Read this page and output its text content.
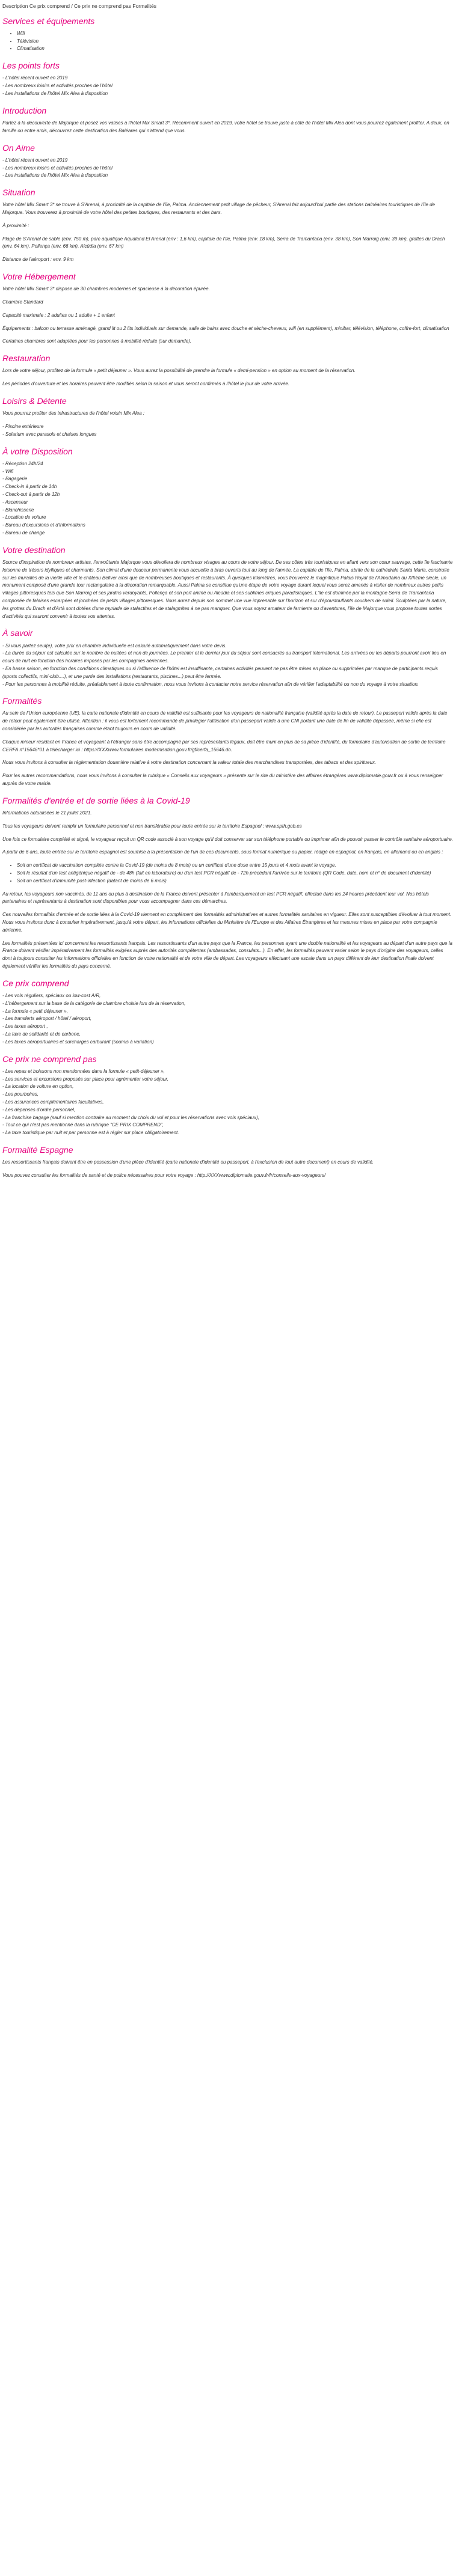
Description Ce prix comprend / Ce prix ne comprend pas Formalités
Services et équipements
• Wifi
• Télévision
• Climatisation
Les points forts
- L'hôtel récent ouvert en 2019
- Les nombreux loisirs et activités proches de l'hôtel
- Les installations de l'hôtel Mix Alea à disposition
Introduction

Partez à la découverte de Majorque et posez vos valises à l'hôtel Mix Smart 3*. Récemment ouvert en 2019, votre hôtel se trouve juste à côté de l'hôtel Mix Alea dont vous pourrez également profiter. A deux, en famille ou entre amis, découvrez cette destination des Baléares qui n'attend que vous.

On Aime
- L'hôtel récent ouvert en 2019
- Les nombreux loisirs et activités proches de l'hôtel
- Les installations de l'hôtel Mix Alea à disposition
Situation

Votre hôtel Mix Smart 3* se trouve à S'Arenal, à proximité de la capitale de l'île, Palma. Anciennement petit village de pêcheur, S'Arenal fait aujourd'hui partie des stations balnéaires touristiques de l'île de Majorque. Vous trouverez à proximité de votre hôtel des petites boutiques, des restaurants et des bars.

À proximité :

Plage de S'Arenal de sable (env. 750 m), parc aquatique Aqualand El Arenal (env : 1,6 km), capitale de l'île, Palma (env. 18 km), Serra de Tramantana (env. 38 km), Son Marroig (env. 39 km), grottes du Drach (env. 64 km), Pollença (env. 66 km), Alcúdia (env. 67 km)

Distance de l'aéroport : env. 9 km

Votre Hébergement

Votre hôtel Mix Smart 3* dispose de 30 chambres modernes et spacieuse à la décoration épurée.

Chambre Standard

Capacité maximale : 2 adultes ou 1 adulte + 1 enfant

Équipements : balcon ou terrasse aménagé, grand lit ou 2 lits individuels sur demande, salle de bains avec douche et sèche-cheveux, wifi (en supplément), minibar, télévision, téléphone, coffre-fort, climatisation

Certaines chambres sont adaptées pour les personnes à mobilité réduite (sur demande).

Restauration

Lors de votre séjour, profitez de la formule « petit déjeuner ». Vous aurez la possibilité de prendre la formule « demi-pension » en option au moment de la réservation.

Les périodes d'ouverture et les horaires peuvent être modifiés selon la saison et vous seront confirmés à l'hôtel le jour de votre arrivée.

Loisirs & Détente

Vous pourrez profiter des infrastructures de l'hôtel voisin Mix Alea :

- Piscine extérieure
- Solarium avec parasols et chaises longues
À votre Disposition
- Réception 24h/24
- Wifi
- Bagagerie
- Check-in à partir de 14h
- Check-out à partir de 12h
- Ascenseur
- Blanchisserie
- Location de voiture
- Bureau d'excursions et d'informations
- Bureau de change
Votre destination

Source d'inspiration de nombreux artistes, l'envoûtante Majorque vous dévoilera de nombreux visages au cours de votre séjour. De ses côtes très touristiques en allant vers son cœur sauvage, cette île fascinante foisonne de trésors idylliques et charmants. Son climat d'une douceur permanente vous accueille à bras ouverts tout au long de l'année. La capitale de l'île, Palma, abrite de la cathédrale Santa Maria, construite sur les murailles de la vieille ville et le château Bellver ainsi que de nombreuses boutiques et restaurants. À quelques kilomètres, vous trouverez le magnifique Palais Royal de l'Almudaina du XIIIème siècle, un monument composé d'une grande tour rectangulaire à la décoration remarquable. Aussi Palma se constitue qu'une étape de votre voyage durant lequel vous serez amenés à visiter de nombreux autres petits villages pittoresques tels que Son Marroig et ses jardins verdoyants, Pollença et son port animé ou Alcúdia et ses sublimes criques paradisiaques. L'île est dominée par la montagne Serra de Tramantana composée de falaises escarpées et jonchées de petits villages pittoresques. Vous aurez depuis son sommet une vue imprenable sur l'horizon et sur d'époustouflants couchers de soleil. Sculptées par la nature, les grottes du Drach et d'Artà sont dotées d'une myriade de stalactites et de stalagmites à ne pas manquer. Que vous soyez amateur de farniente ou d'aventures, l'île de Majorque vous propose toutes sortes d'activités qui sauront convenir à toutes vos attentes.

À savoir
- Si vous partez seul(e), votre prix en chambre individuelle est calculé automatiquement dans votre devis.
- La durée du séjour est calculée sur le nombre de nuitées et non de journées. Le premier et le dernier jour du séjour sont consacrés au transport international. Les arrivées ou les départs pourront avoir lieu en cours de nuit en fonction des horaires imposés par les compagnies aériennes.
- En basse saison, en fonction des conditions climatiques ou si l'affluence de l'hôtel est insuffisante, certaines activités peuvent ne pas être mises en place ou supprimées par manque de participants requis (sports collectifs, mini-club....), et une partie des installations (restaurants, piscines...) peut être fermée.
- Pour les personnes à mobilité réduite, préalablement à toute confirmation, nous vous invitons à contacter notre service réservation afin de vérifier l'adaptabilité ou non du voyage à votre situation.
Formalités

Au sein de l'Union européenne (UE), la carte nationale d'identité en cours de validité est suffisante pour les voyageurs de nationalité française (validité après la date de retour). Le passeport valide après la date de retour peut également être utilisé. Attention : il vous est fortement recommandé de privilégier l'utilisation d'un passeport valide à une CNI portant une date de fin de validité dépassée, même si elle est considérée par les autorités françaises comme étant toujours en cours de validité.

Chaque mineur résidant en France et voyageant à l'étranger sans être accompagné par ses représentants légaux, doit être muni en plus de sa pièce d'identité, du formulaire d'autorisation de sortie de territoire CERFA n°15646*01 à télécharger ici : https://XXXwww.formulaires.modernisation.gouv.fr/gf/cerfa_15646.do.

Nous vous invitons à consulter la réglementation douanière relative à votre destination concernant la valeur totale des marchandises transportées, des tabacs et des spiritueux.

Pour les autres recommandations, nous vous invitons à consulter la rubrique « Conseils aux voyageurs » présente sur le site du ministère des affaires étrangères www.diplomatie.gouv.fr ou à vous renseigner auprès de votre mairie.

Formalités d'entrée et de sortie liées à la Covid-19

Informations actualisées le 21 juillet 2021.

Tous les voyageurs doivent remplir un formulaire personnel et non transférable pour toute entrée sur le territoire Espagnol : www.spth.gob.es

Une fois ce formulaire complété et signé, le voyageur reçoit un QR code associé à son voyage qu'il doit conserver sur son téléphone portable ou imprimer afin de pouvoir passer le contrôle sanitaire aéroportuaire.

A partir de 6 ans, toute entrée sur le territoire espagnol est soumise à la présentation de l'un de ces documents, sous format numérique ou papier, rédigé en espagnol, en français, en allemand ou en anglais :

• Soit un certificat de vaccination complète contre la Covid-19 (de moins de 8 mois) ou un certificat d'une dose entre 15 jours et 4 mois avant le voyage.
• Soit le résultat d'un test antigénique négatif de - de 48h (fait en laboratoire) ou d'un test PCR négatif de - 72h précédant l'arrivée sur le territoire (QR Code, date, nom et n° de document d'identité)
• Soit un certificat d'immunité post-infection (datant de moins de 6 mois).

Au retour, les voyageurs non vaccinés, de 11 ans ou plus à destination de la France doivent présenter à l'embarquement un test PCR négatif, effectué dans les 24 heures précédent leur vol. Nos hôtels partenaires et représentants à destination sont disponibles pour vous accompagner dans ces démarches.

Ces nouvelles formalités d'entrée et de sortie liées à la Covid-19 viennent en complément des formalités administratives et autres formalités sanitaires en vigueur. Elles sont susceptibles d'évoluer à tout moment. Nous vous invitons donc à consulter impérativement, jusqu'à votre départ, les informations officielles du Ministère de l'Europe et des Affaires Étrangères et les mesures mises en place par votre compagnie aérienne.

Les formalités présentées ici concernent les ressortissants français. Les ressortissants d'un autre pays que la France, les personnes ayant une double nationalité et les voyageurs au départ d'un autre pays que la France doivent vérifier impérativement les formalités exigées auprès des autorités compétentes (ambassades, consulats...). En effet, les formalités peuvent varier selon le pays d'origine des voyageurs, celles dont à toujours consulter les informations officielles en fonction de votre nationalité et de votre ville de départ. Les voyageurs effectuant une escale dans un pays différent de leur destination finale doivent également vérifier les formalités du pays concerné.

Ce prix comprend
- Les vols réguliers, spéciaux ou low-cost A/R,
- L'hébergement sur la base de la catégorie de chambre choisie lors de la réservation,
- La formule « petit déjeuner »,
- Les transferts aéroport / hôtel / aéroport,
- Les taxes aéroport ,
- La taxe de solidarité et de carbone,
- Les taxes aéroportuaires et surcharges carburant (soumis à variation)
Ce prix ne comprend pas
- Les repas et boissons non mentionnées dans la formule « petit-déjeuner »,
- Les services et excursions proposés sur place pour agrémenter votre séjour,
- La location de voiture en option,
- Les pourboires,
- Les assurances complémentaires facultatives,
- Les dépenses d'ordre personnel,
- La franchise bagage (sauf si mention contraire au moment du choix du vol et pour les réservations avec vols spéciaux),
- Tout ce qui n'est pas mentionné dans la rubrique "CE PRIX COMPREND",
- La taxe touristique par nuit et par personne est à régler sur place obligatoirement.
Formalité Espagne

Les ressortissants français doivent être en possession d'une pièce d'identité (carte nationale d'identité ou passeport, à l'exclusion de tout autre document) en cours de validité.

Vous pouvez consulter les formalités de santé et de police nécessaires pour votre voyage : http://XXXwww.diplomatie.gouv.fr/fr/conseils-aux-voyageurs/
